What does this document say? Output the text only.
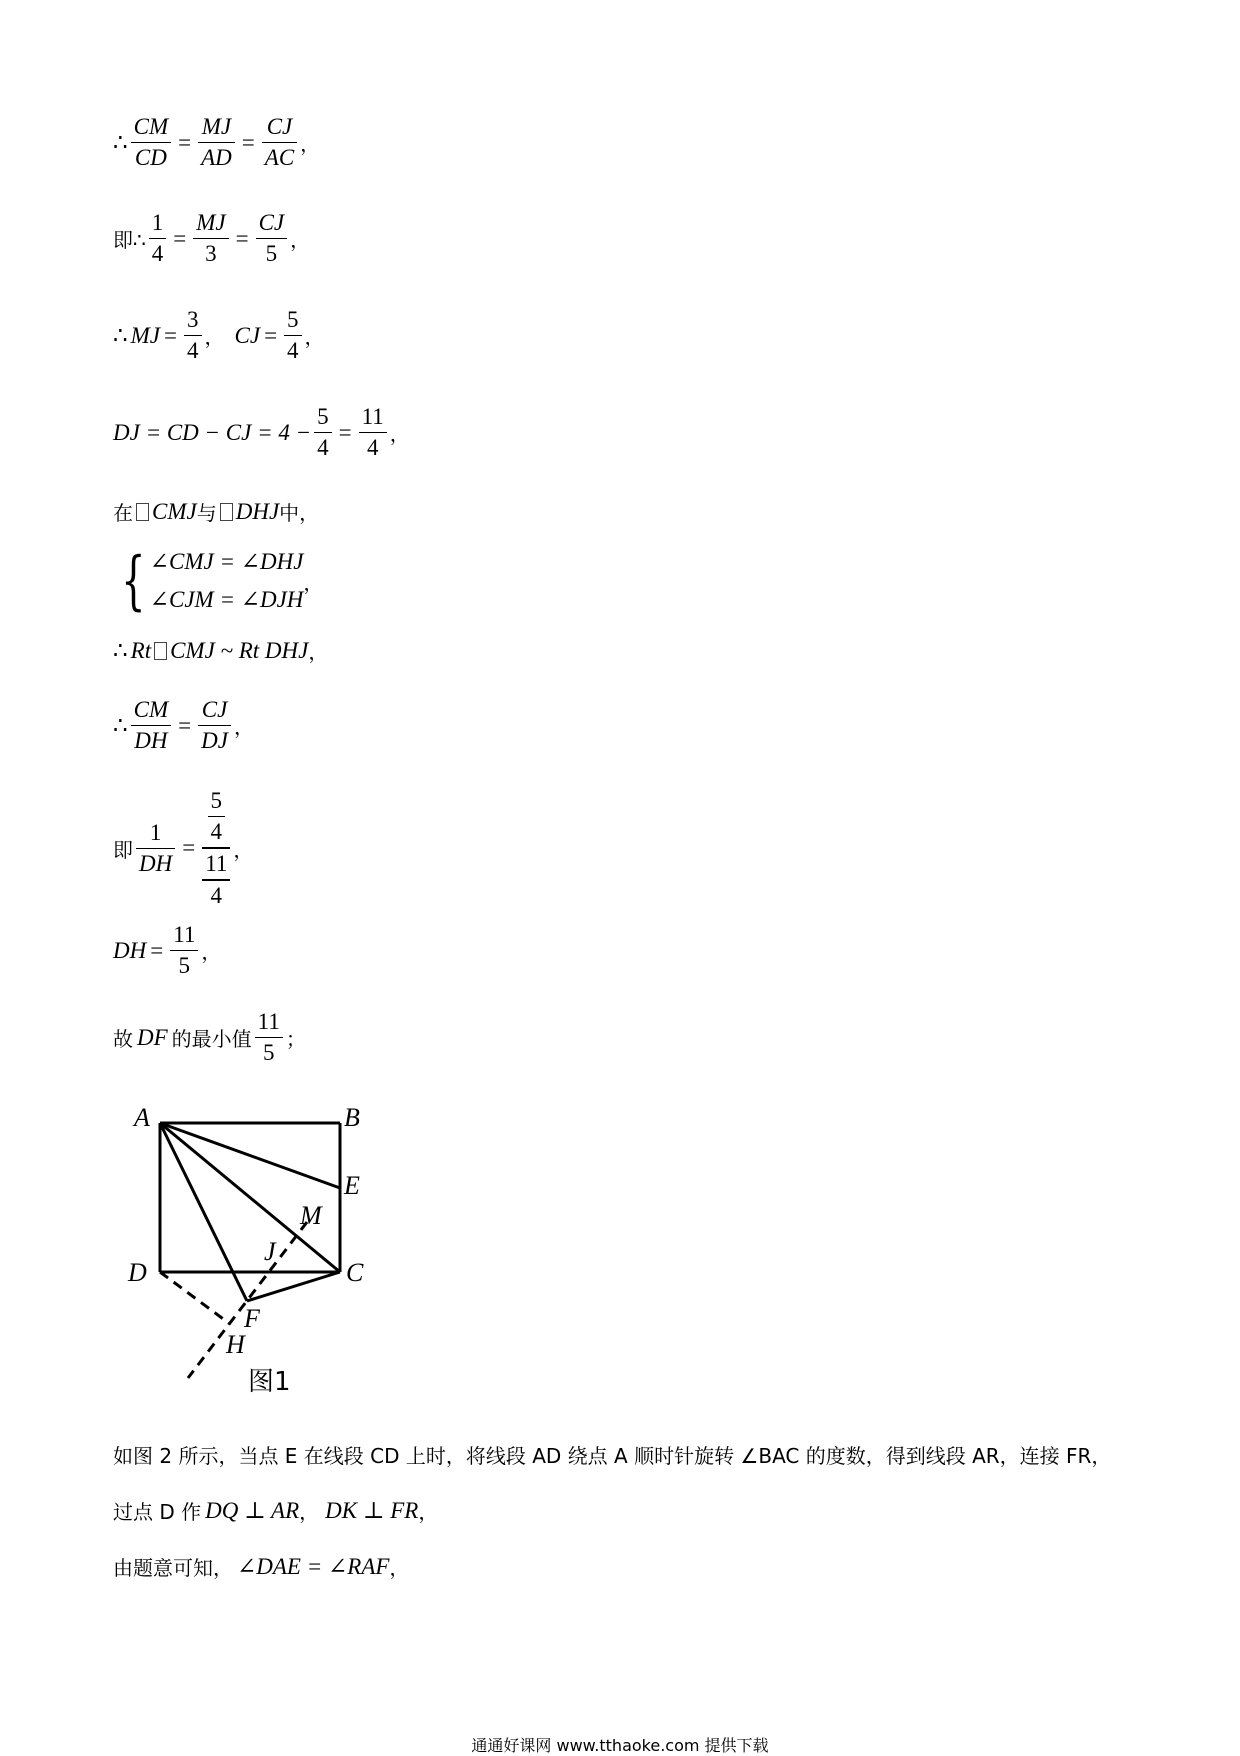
∴ $\frac{CM}{CD} = \frac{MJ}{AD} = \frac{CJ}{AC}$ ，
即∴ $\frac{1}{4} = \frac{MJ}{3} = \frac{CJ}{5}$ ，
∴ MJ = $\frac{3}{4}$ ， CJ = $\frac{5}{4}$ ，
DJ = CD − CJ = $4 - \frac{5}{4} = \frac{11}{4}$ ，
在 CMJ 与 DHJ 中，
{ ∠CMJ = ∠DHJ
∠CJM = ∠DJH
，
∴ Rt CMJ ~ Rt DHJ ，
∴ $\frac{CM}{DH} = \frac{CJ}{DJ}$ ，
即 $\frac{1}{DH} = \frac{\frac{5}{4}}{\frac{11}{4}}$ ，
DH = $\frac{11}{5}$ ，
故 DF 的最小值 $\frac{11}{5}$ ；
A	B
E
M
J
C
D
F
H
图1
如图 2 所示，当点 E 在线段 CD 上时，将线段 AD 绕点 A 顺时针旋转 ∠BAC 的度数，得到线段 AR，连接 FR，
过点 D 作 DQ ⊥ AR ， DK ⊥ FR ，
由题意可知， ∠DAE = ∠RAF ，
通通好课网 www.tthaoke.com 提供下载
